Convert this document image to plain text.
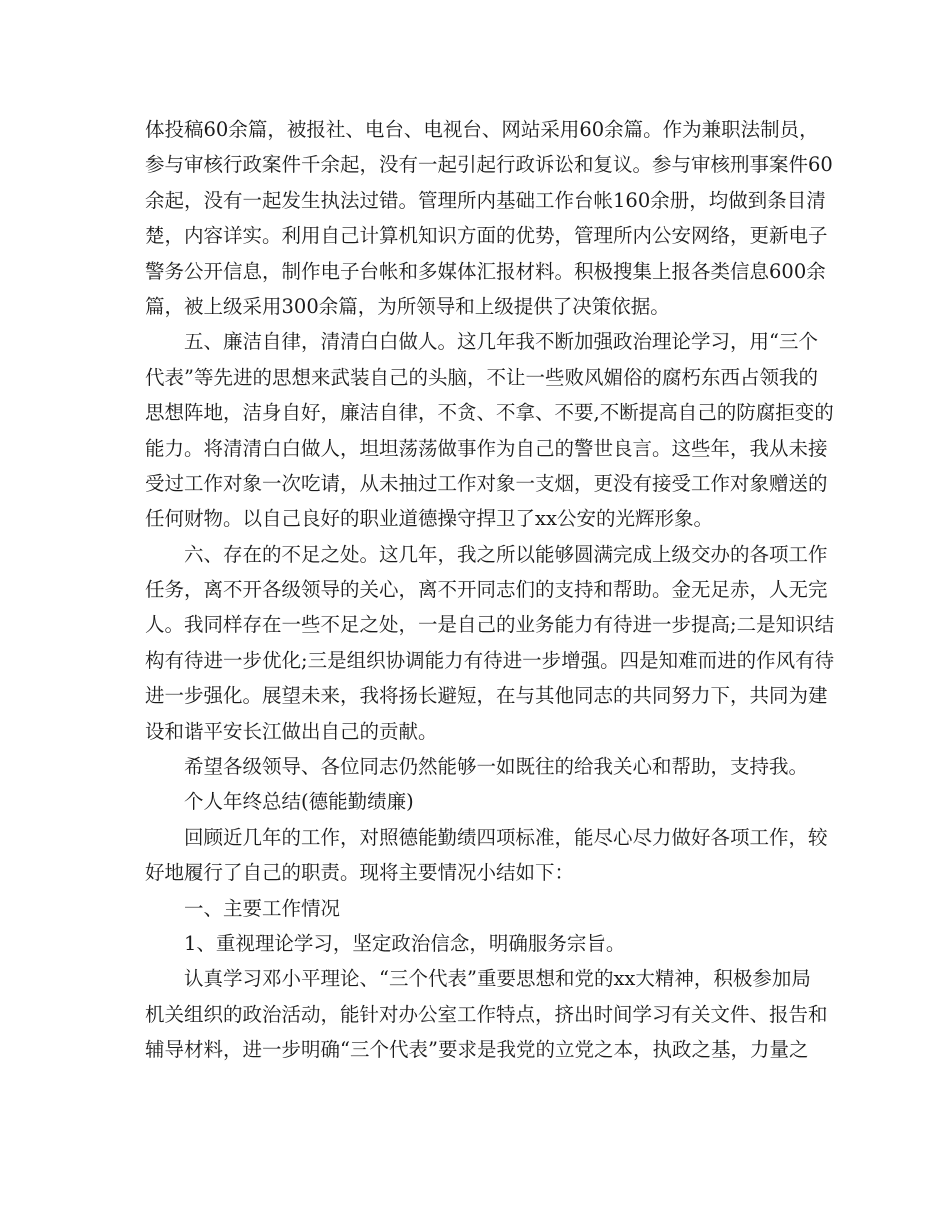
体投稿60余篇，被报社、电台、电视台、网站采用60余篇。作为兼职法制员，
参与审核行政案件千余起，没有一起引起行政诉讼和复议。参与审核刑事案件60
余起，没有一起发生执法过错。管理所内基础工作台帐160余册，均做到条目清
楚，内容详实。利用自己计算机知识方面的优势，管理所内公安网络，更新电子
警务公开信息，制作电子台帐和多媒体汇报材料。积极搜集上报各类信息600余
篇，被上级采用300余篇，为所领导和上级提供了决策依据。
五、廉洁自律，清清白白做人。这几年我不断加强政治理论学习，用“三个
代表”等先进的思想来武装自己的头脑，不让一些败风媚俗的腐朽东西占领我的
思想阵地，洁身自好，廉洁自律，不贪、不拿、不要,不断提高自己的防腐拒变的
能力。将清清白白做人，坦坦荡荡做事作为自己的警世良言。这些年，我从未接
受过工作对象一次吃请，从未抽过工作对象一支烟，更没有接受工作对象赠送的
任何财物。以自己良好的职业道德操守捍卫了xx公安的光辉形象。
六、存在的不足之处。这几年，我之所以能够圆满完成上级交办的各项工作
任务，离不开各级领导的关心，离不开同志们的支持和帮助。金无足赤，人无完
人。我同样存在一些不足之处，一是自己的业务能力有待进一步提高;二是知识结
构有待进一步优化;三是组织协调能力有待进一步增强。四是知难而进的作风有待
进一步强化。展望未来，我将扬长避短，在与其他同志的共同努力下，共同为建
设和谐平安长江做出自己的贡献。
希望各级领导、各位同志仍然能够一如既往的给我关心和帮助，支持我。
个人年终总结(德能勤绩廉)
回顾近几年的工作，对照德能勤绩四项标准，能尽心尽力做好各项工作，较
好地履行了自己的职责。现将主要情况小结如下：
一、主要工作情况
1、重视理论学习，坚定政治信念，明确服务宗旨。
认真学习邓小平理论、“三个代表”重要思想和党的xx大精神，积极参加局
机关组织的政治活动，能针对办公室工作特点，挤出时间学习有关文件、报告和
辅导材料，进一步明确“三个代表”要求是我党的立党之本，执政之基，力量之
